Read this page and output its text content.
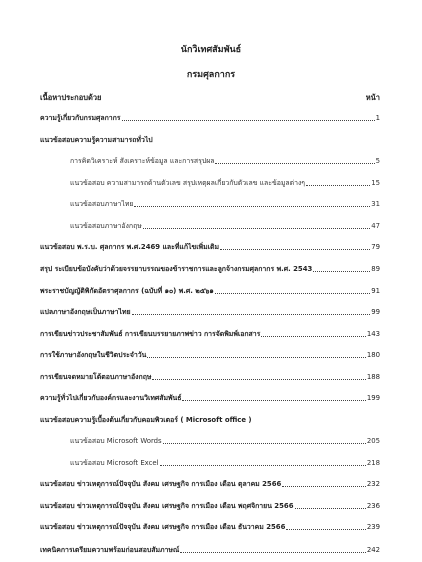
นักวิเทศสัมพันธ์
กรมศุลกากร
เนื้อหาประกอบด้วย	หน้า
ความรู้เกี่ยวกับกรมศุลกากร	1
แนวข้อสอบความรู้ความสามารถทั่วไป
การคิดวิเคราะห์ สังเคราะห์ข้อมูล และการสรุปผล	5
แนวข้อสอบ ความสามารถด้านตัวเลข สรุปเหตุผลเกี่ยวกับตัวเลข และข้อมูลต่างๆ	15
แนวข้อสอบภาษาไทย	31
แนวข้อสอบภาษาอังกฤษ	47
แนวข้อสอบ พ.ร.บ. ศุลกากร พ.ศ.2469 และที่แก้ไขเพิ่มเติม	79
สรุป ระเบียบข้อบังคับว่าด้วยจรรยาบรรณของข้าราชการและลูกจ้างกรมศุลกากร พ.ศ. 2543	89
พระราชบัญญัติพิกัดอัตราศุลกากร (ฉบับที่ ๑๐) พ.ศ. ๒๕๖๑	91
แปลภาษาอังกฤษเป็นภาษาไทย	99
การเขียนข่าวประชาสัมพันธ์ การเขียนบรรยายภาพข่าว การจัดพิมพ์เอกสาร	143
การใช้ภาษาอังกฤษในชีวิตประจำวัน	180
การเขียนจดหมายโต้ตอบภาษาอังกฤษ	188
ความรู้ทั่วไปเกี่ยวกับองค์กรและงานวิเทศสัมพันธ์	199
แนวข้อสอบความรู้เบื้องต้นเกี่ยวกับคอมพิวเตอร์ ( Microsoft office )
แนวข้อสอบ Microsoft Words	205
แนวข้อสอบ Microsoft Excel	218
แนวข้อสอบ ข่าวเหตุการณ์ปัจจุบัน สังคม เศรษฐกิจ การเมือง เดือน ตุลาคม 2566	232
แนวข้อสอบ ข่าวเหตุการณ์ปัจจุบัน สังคม เศรษฐกิจ การเมือง เดือน พฤศจิกายน 2566	236
แนวข้อสอบ ข่าวเหตุการณ์ปัจจุบัน สังคม เศรษฐกิจ การเมือง เดือน ธันวาคม 2566	239
เทคนิคการเตรียมความพร้อมก่อนสอบสัมภาษณ์	242
